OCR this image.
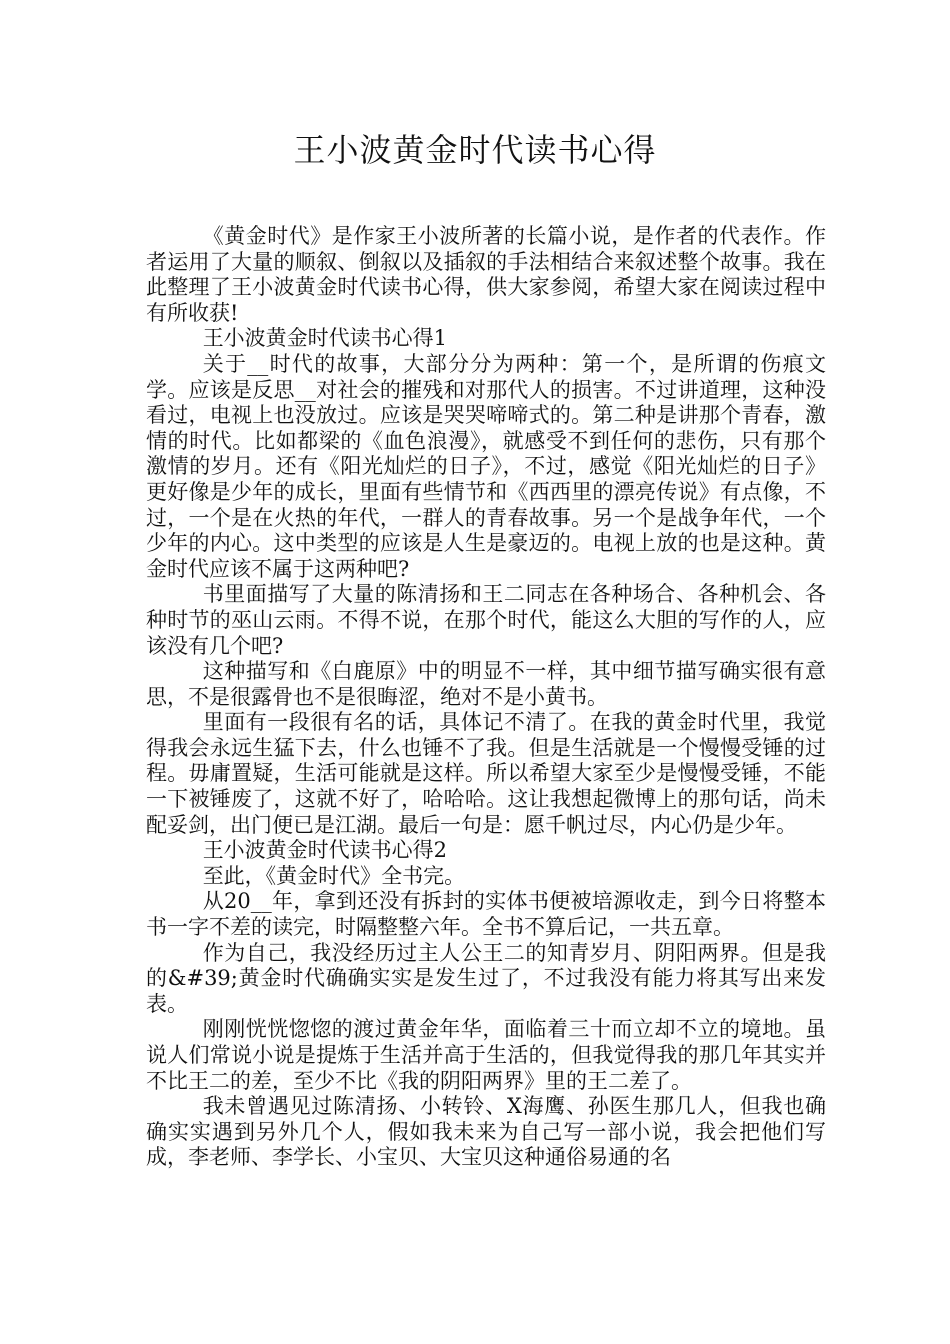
王小波黄金时代读书心得

《黄金时代》是作家王小波所著的长篇小说，是作者的代表作。作者运用了大量的顺叙、倒叙以及插叙的手法相结合来叙述整个故事。我在此整理了王小波黄金时代读书心得，供大家参阅，希望大家在阅读过程中有所收获!

王小波黄金时代读书心得1

关于__时代的故事，大部分分为两种：第一个，是所谓的伤痕文学。应该是反思__对社会的摧残和对那代人的损害。不过讲道理，这种没看过，电视上也没放过。应该是哭哭啼啼式的。第二种是讲那个青春，激情的时代。比如都梁的《血色浪漫》，就感受不到任何的悲伤，只有那个激情的岁月。还有《阳光灿烂的日子》，不过，感觉《阳光灿烂的日子》更好像是少年的成长，里面有些情节和《西西里的漂亮传说》有点像，不过，一个是在火热的年代，一群人的青春故事。另一个是战争年代，一个少年的内心。这中类型的应该是人生是豪迈的。电视上放的也是这种。黄金时代应该不属于这两种吧?

书里面描写了大量的陈清扬和王二同志在各种场合、各种机会、各种时节的巫山云雨。不得不说，在那个时代，能这么大胆的写作的人，应该没有几个吧?

这种描写和《白鹿原》中的明显不一样，其中细节描写确实很有意思，不是很露骨也不是很晦涩，绝对不是小黄书。

里面有一段很有名的话，具体记不清了。在我的黄金时代里，我觉得我会永远生猛下去，什么也锤不了我。但是生活就是一个慢慢受锤的过程。毋庸置疑，生活可能就是这样。所以希望大家至少是慢慢受锤，不能一下被锤废了，这就不好了，哈哈哈。这让我想起微博上的那句话，尚未配妥剑，出门便已是江湖。最后一句是：愿千帆过尽，内心仍是少年。

王小波黄金时代读书心得2

至此，《黄金时代》全书完。

从20__年，拿到还没有拆封的实体书便被培源收走，到今日将整本书一字不差的读完，时隔整整六年。全书不算后记，一共五章。

作为自己，我没经历过主人公王二的知青岁月、阴阳两界。但是我的&#39;黄金时代确确实实是发生过了，不过我没有能力将其写出来发表。

刚刚恍恍惚惚的渡过黄金年华，面临着三十而立却不立的境地。虽说人们常说小说是提炼于生活并高于生活的，但我觉得我的那几年其实并不比王二的差，至少不比《我的阴阳两界》里的王二差了。

我未曾遇见过陈清扬、小转铃、X海鹰、孙医生那几人，但我也确确实实遇到另外几个人，假如我未来为自己写一部小说，我会把他们写成，李老师、李学长、小宝贝、大宝贝这种通俗易通的名
